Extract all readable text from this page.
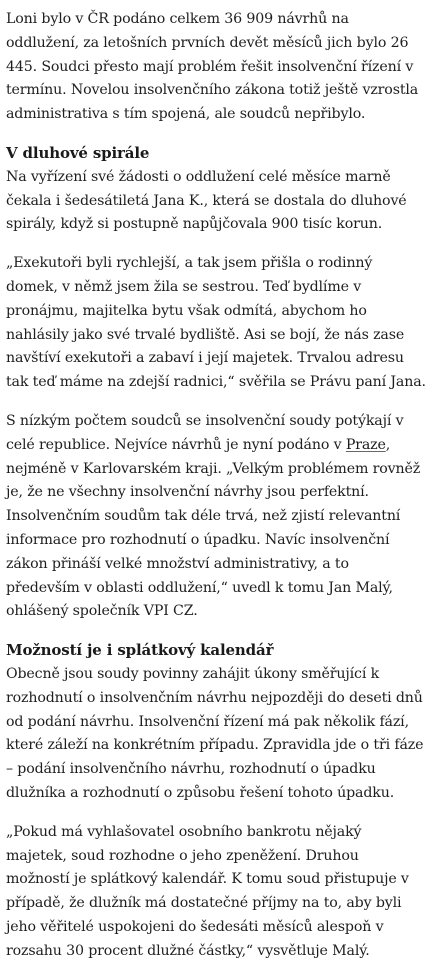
Loni bylo v ČR podáno celkem 36 909 návrhů na oddlužení, za letošních prvních devět měsíců jich bylo 26 445. Soudci přesto mají problém řešit insolvenční řízení v termínu. Novelou insolvenčního zákona totiž ještě vzrostla administrativa s tím spojená, ale soudců nepřibylo.

V dluhové spirále

Na vyřízení své žádosti o oddlužení celé měsíce marně čekala i šedesátiletá Jana K., která se dostala do dluhové spirály, když si postupně napůjčovala 900 tisíc korun.

„Exekutoři byli rychlejší, a tak jsem přišla o rodinný domek, v němž jsem žila se sestrou. Teď bydlíme v pronájmu, majitelka bytu však odmítá, abychom ho nahlásily jako své trvalé bydliště. Asi se bojí, že nás zase navštíví exekutoři a zabaví i její majetek. Trvalou adresu tak teď máme na zdejší radnici,“ svěřila se Právu paní Jana.

S nízkým počtem soudců se insolvenční soudy potýkají v celé republice. Nejvíce návrhů je nyní podáno v Praze, nejméně v Karlovarském kraji. „Velkým problémem rovněž je, že ne všechny insolvenční návrhy jsou perfektní. Insolvenčním soudům tak déle trvá, než zjistí relevantní informace pro rozhodnutí o úpadku. Navíc insolvenční zákon přináší velké množství administrativy, a to především v oblasti oddlužení,“ uvedl k tomu Jan Malý, ohlášený společník VPI CZ.

Možností je i splátkový kalendář

Obecně jsou soudy povinny zahájit úkony směřující k rozhodnutí o insolvenčním návrhu nejpozději do deseti dnů od podání návrhu. Insolvenční řízení má pak několik fází, které záleží na konkrétním případu. Zpravidla jde o tři fáze – podání insolvenčního návrhu, rozhodnutí o úpadku dlužníka a rozhodnutí o způsobu řešení tohoto úpadku.

„Pokud má vyhlašovatel osobního bankrotu nějaký majetek, soud rozhodne o jeho zpeněžení. Druhou možností je splátkový kalendář. K tomu soud přistupuje v případě, že dlužník má dostatečné příjmy na to, aby byli jeho věřitelé uspokojeni do šedesáti měsíců alespoň v rozsahu 30 procent dlužné částky,“ vysvětluje Malý.
